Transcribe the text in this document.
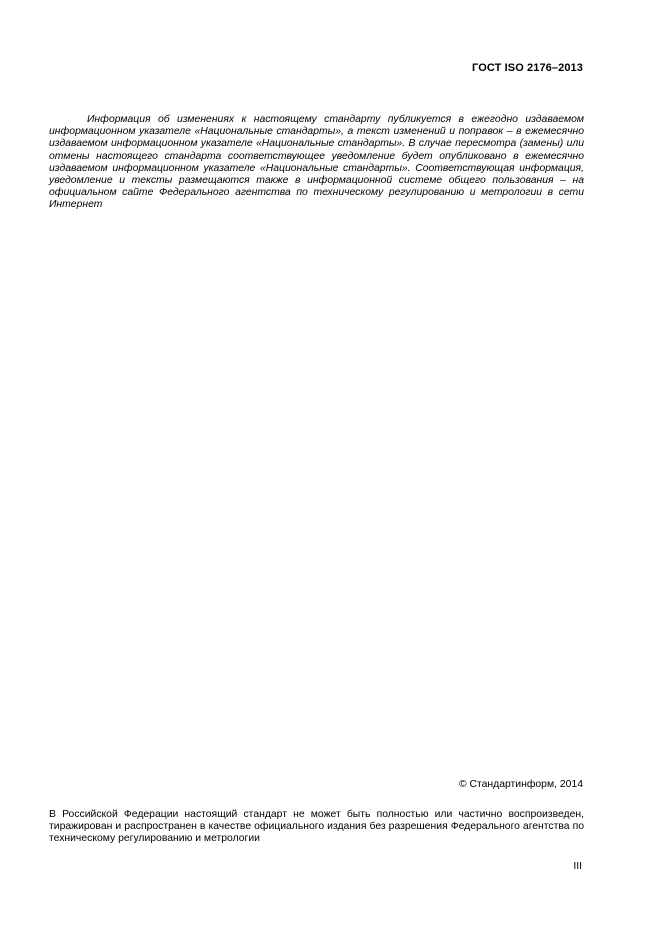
ГОСТ ISO 2176–2013

Информация об изменениях к настоящему стандарту публикуется в ежегодно издаваемом информационном указателе «Национальные стандарты», а текст изменений и поправок – в ежемесячно издаваемом информационном указателе «Национальные стандарты». В случае пересмотра (замены) или отмены настоящего стандарта соответствующее уведомление будет опубликовано в ежемесячно издаваемом информационном указателе «Национальные стандарты». Соответствующая информация, уведомление и тексты размещаются также в информационной системе общего пользования – на официальном сайте Федерального агентства по техническому регулированию и метрологии в сети Интернет

© Стандартинформ, 2014

В Российской Федерации настоящий стандарт не может быть полностью или частично воспроизведен, тиражирован и распространен в качестве официального издания без разрешения Федерального агентства по техническому регулированию и метрологии

III
